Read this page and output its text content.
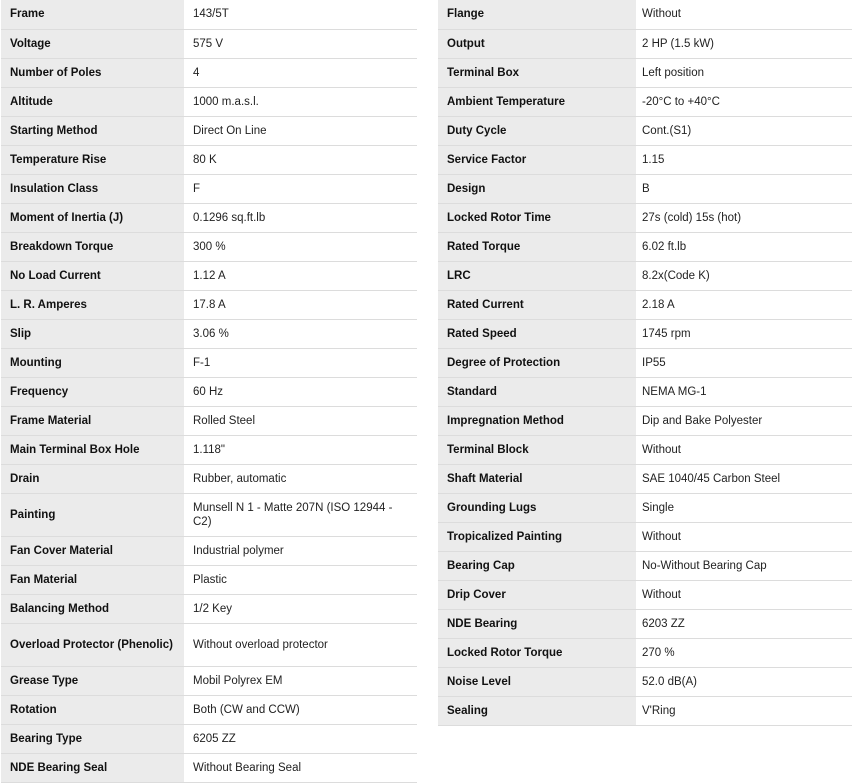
Frame	143/5T
Voltage	575 V
Number of Poles	4
Altitude	1000 m.a.s.l.
Starting Method	Direct On Line
Temperature Rise	80 K
Insulation Class	F
Moment of Inertia (J)	0.1296 sq.ft.lb
Breakdown Torque	300 %
No Load Current	1.12 A
L. R. Amperes	17.8 A
Slip	3.06 %
Mounting	F-1
Frequency	60 Hz
Frame Material	Rolled Steel
Main Terminal Box Hole	1.118"
Drain	Rubber, automatic
Painting	Munsell N 1 - Matte 207N (ISO 12944 - C2)
Fan Cover Material	Industrial polymer
Fan Material	Plastic
Balancing Method	1/2 Key
Overload Protector (Phenolic)	Without overload protector
Grease Type	Mobil Polyrex EM
Rotation	Both (CW and CCW)
Bearing Type	6205 ZZ
NDE Bearing Seal	Without Bearing Seal
Flange	Without
Output	2 HP (1.5 kW)
Terminal Box	Left position
Ambient Temperature	-20°C to +40°C
Duty Cycle	Cont.(S1)
Service Factor	1.15
Design	B
Locked Rotor Time	27s (cold) 15s (hot)
Rated Torque	6.02 ft.lb
LRC	8.2x(Code K)
Rated Current	2.18 A
Rated Speed	1745 rpm
Degree of Protection	IP55
Standard	NEMA MG-1
Impregnation Method	Dip and Bake Polyester
Terminal Block	Without
Shaft Material	SAE 1040/45 Carbon Steel
Grounding Lugs	Single
Tropicalized Painting	Without
Bearing Cap	No-Without Bearing Cap
Drip Cover	Without
NDE Bearing	6203 ZZ
Locked Rotor Torque	270 %
Noise Level	52.0 dB(A)
Sealing	V'Ring
